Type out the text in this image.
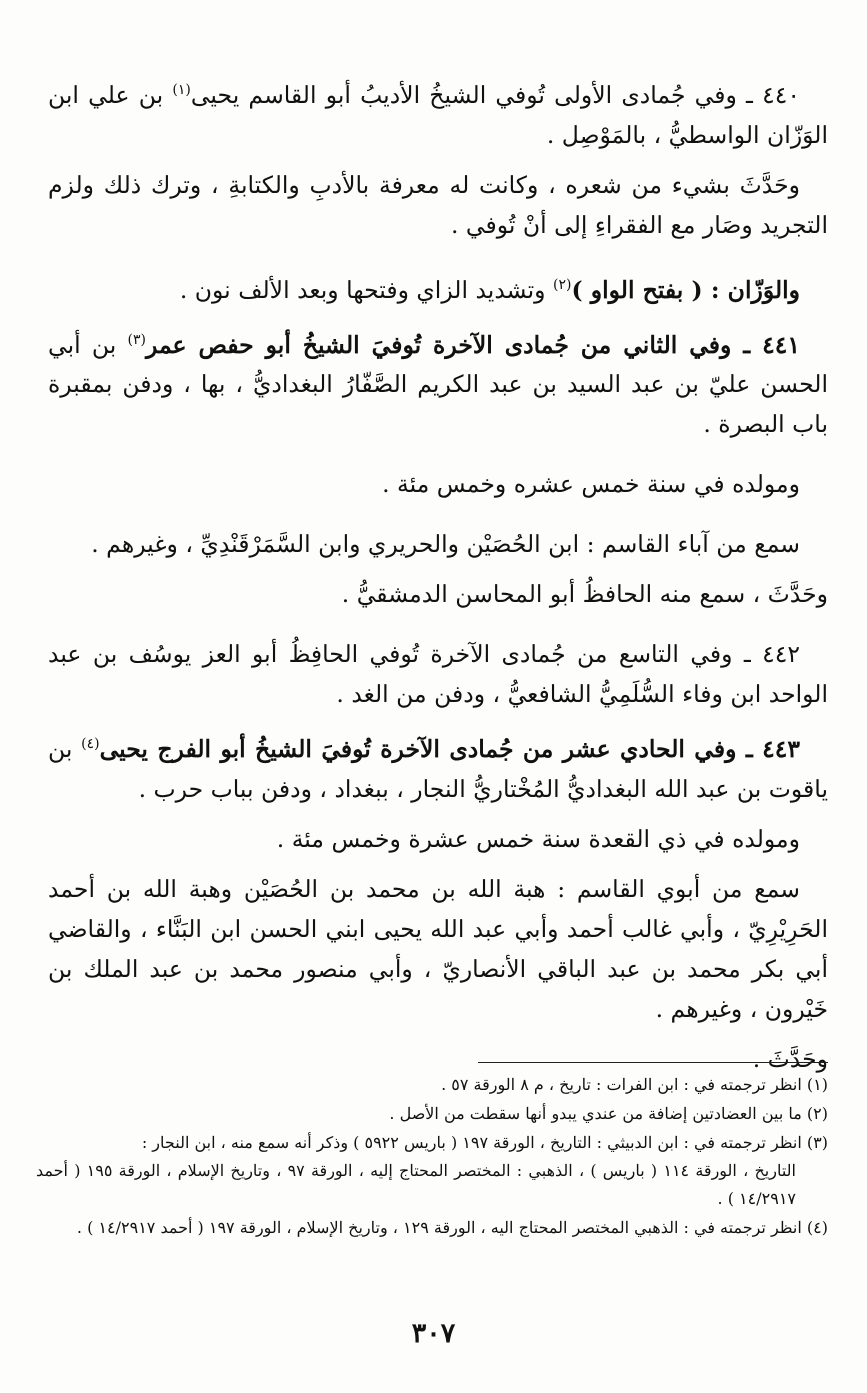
٤٤٠ ـ وفي جُمادى الأولى تُوفي الشيخُ الأديبُ أبو القاسم يحيى$^{(١)}$ بن علي ابن الوَزّان الواسطيُّ ، بالمَوْصِل .

وحَدَّثَ بشيء من شعره ، وكانت له معرفة بالأدبِ والكتابةِ ، وترك ذلك ولزم التجريد وصَار مع الفقراءِ إلى أنْ تُوفي .

والوَزّان : ( بفتح الواو )$^{(٢)}$ وتشديد الزاي وفتحها وبعد الألف نون .

٤٤١ ـ وفي الثاني من جُمادى الآخرة تُوفيَ الشيخُ أبو حفص عمر$^{(٣)}$ بن أبي الحسن عليّ بن عبد السيد بن عبد الكريم الصَّفّارُ البغداديُّ ، بها ، ودفن بمقبرة باب البصرة .

ومولده في سنة خمس عشره وخمس مئة .

سمع من آباء القاسم : ابن الحُصَيْن والحريري وابن السَّمَرْقَنْدِيِّ ، وغيرهم .

وحَدَّثَ ، سمع منه الحافظُ أبو المحاسن الدمشقيُّ .

٤٤٢ ـ وفي التاسع من جُمادى الآخرة تُوفي الحافِظُ أبو العز يوسُف بن عبد الواحد ابن وفاء السُّلَمِيُّ الشافعيُّ ، ودفن من الغد .

٤٤٣ ـ وفي الحادي عشر من جُمادى الآخرة تُوفيَ الشيخُ أبو الفرج يحيى$^{(٤)}$ بن ياقوت بن عبد الله البغداديُّ المُخْتاريُّ النجار ، ببغداد ، ودفن بباب حرب .

ومولده في ذي القعدة سنة خمس عشرة وخمس مئة .

سمع من أبوي القاسم : هبة الله بن محمد بن الحُصَيْن وهبة الله بن أحمد الحَرِيْرِيّ ، وأبي غالب أحمد وأبي عبد الله يحيى ابني الحسن ابن البَنَّاء ، والقاضي أبي بكر محمد بن عبد الباقي الأنصاريّ ، وأبي منصور محمد بن عبد الملك بن خَيْرون ، وغيرهم .

وحَدَّثَ .

(١) انظر ترجمته في : ابن الفرات : تاريخ ، م ٨ الورقة ٥٧ .
(٢) ما بين العضادتين إضافة من عندي يبدو أنها سقطت من الأصل .
(٣) انظر ترجمته في : ابن الدبيثي : التاريخ ، الورقة ١٩٧ ( باريس ٥٩٢٢ ) وذكر أنه سمع منه ، ابن النجار :
التاريخ ، الورقة ١١٤ ( باريس ) ، الذهبي : المختصر المحتاج إليه ، الورقة ٩٧ ، وتاريخ الإسلام ، الورقة ١٩٥ ( أحمد ١٤/٢٩١٧ ) .
(٤) انظر ترجمته في : الذهبي المختصر المحتاج اليه ، الورقة ١٢٩ ، وتاريخ الإسلام ، الورقة ١٩٧ ( أحمد ١٤/٢٩١٧ ) .
٣٠٧
